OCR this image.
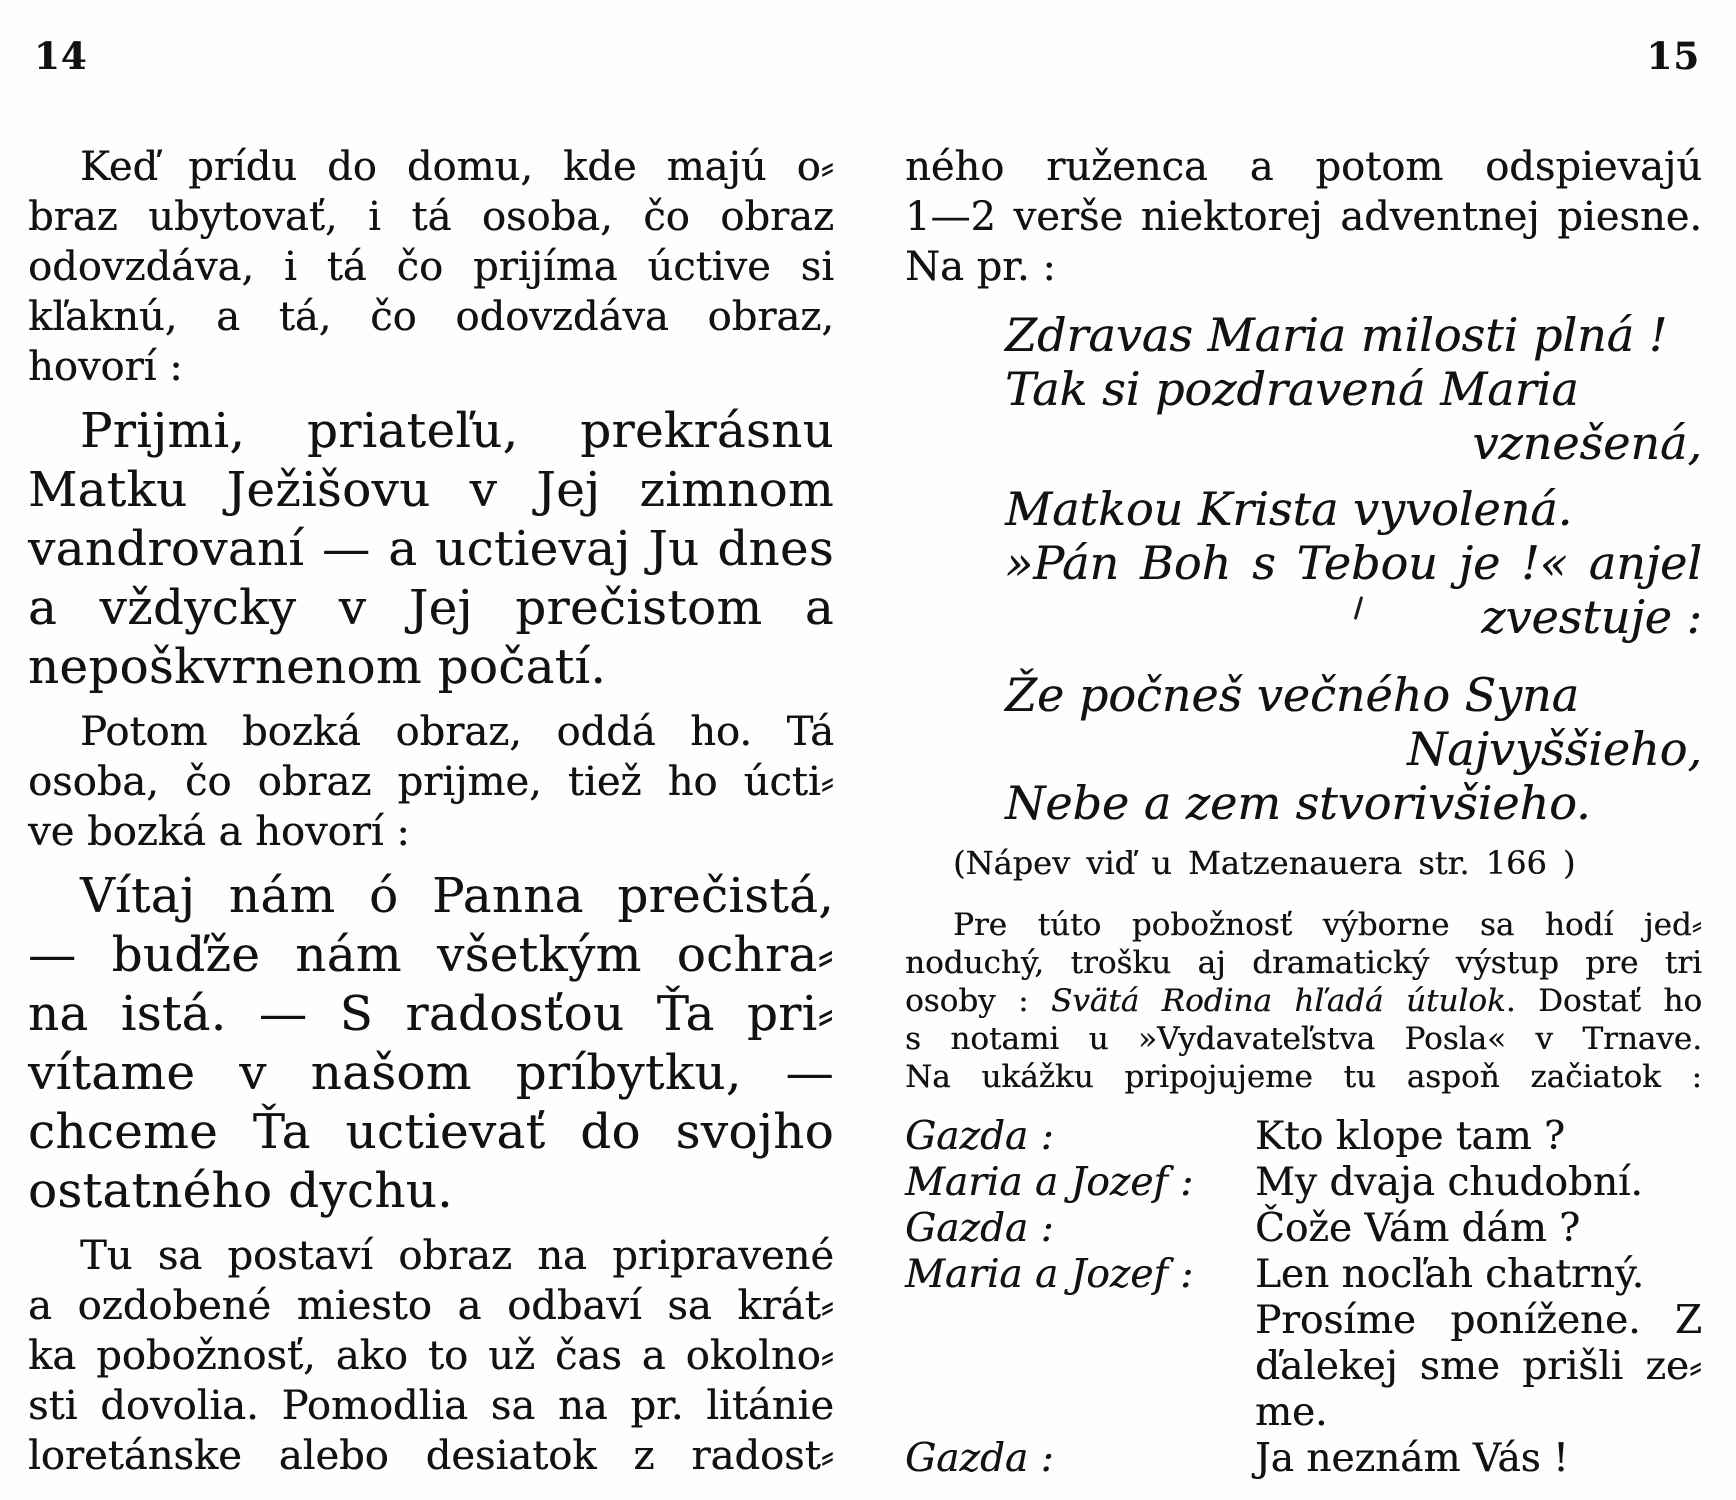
14
Keď prídu do domu, kde majú o⸗
braz ubytovať, i tá osoba, čo obraz
odovzdáva, i tá čo prijíma úctive si
kľaknú, a tá, čo odovzdáva obraz,
hovorí :
Prijmi, priateľu, prekrásnu
Matku Ježišovu v Jej zimnom
vandrovaní — a uctievaj Ju dnes
a vždycky v Jej prečistom a
nepoškvrnenom počatí.
Potom bozká obraz, oddá ho. Tá
osoba, čo obraz prijme, tiež ho úcti⸗
ve bozká a hovorí :
Vítaj nám ó Panna prečistá,
— buďže nám všetkým ochra⸗
na istá. — S radosťou Ťa pri⸗
vítame v našom príbytku, —
chceme Ťa uctievať do svojho
ostatného dychu.
Tu sa postaví obraz na pripravené
a ozdobené miesto a odbaví sa krát⸗
ka pobožnosť, ako to už čas a okolno⸗
sti dovolia. Pomodlia sa na pr. litánie
loretánske alebo desiatok z radost⸗
15
ného ruženca a potom odspievajú
1—2 verše niektorej adventnej piesne.
Na pr. :
Zdravas Maria milosti plná !
Tak si pozdravená Maria
vznešená,
Matkou Krista vyvolená.
»Pán Boh s Tebou je !« anjel
zvestuje :
Že počneš večného Syna
Najvyššieho,
Nebe a zem stvorivšieho.
(Nápev viď u Matzenauera str. 166 )
Pre túto pobožnosť výborne sa hodí jed⸗
noduchý, trošku aj dramatický výstup pre tri
osoby : Svätá Rodina hľadá útulok. Dostať ho
s notami u »Vydavateľstva Posla« v Trnave.
Na ukážku pripojujeme tu aspoň začiatok :
Gazda :	Kto klope tam ?
Maria a Jozef :	My dvaja chudobní.
Gazda :	Čože Vám dám ?
Maria a Jozef :	Len nocľah chatrný.
Prosíme ponížene. Z
ďalekej sme prišli ze⸗
me.
Gazda :	Ja neznám Vás !
